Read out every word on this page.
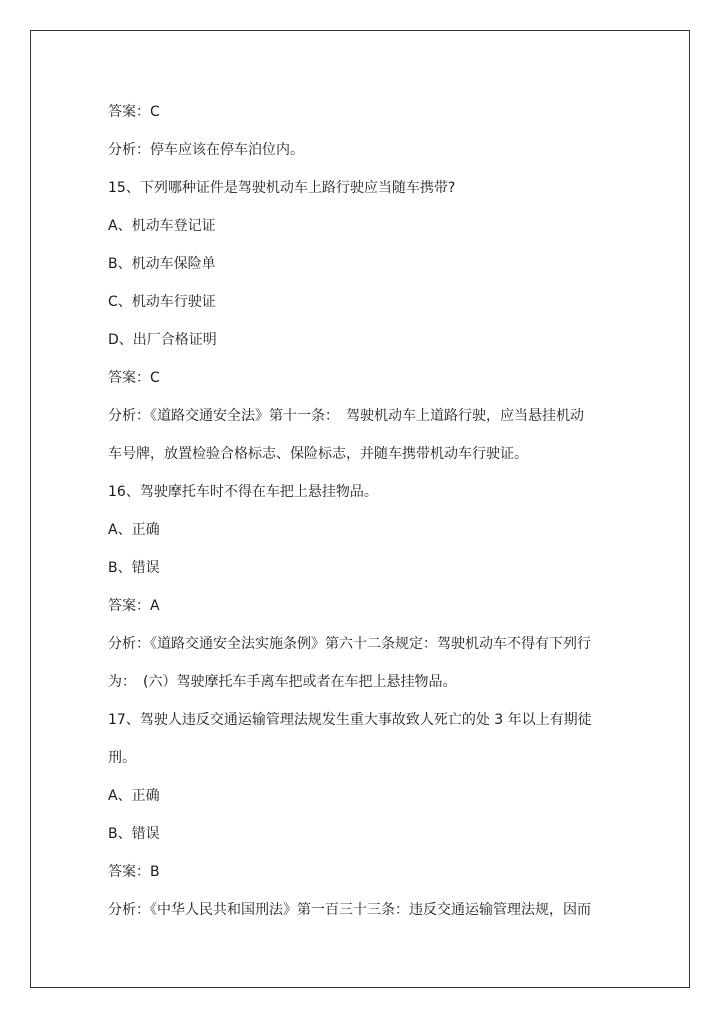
答案：C
分析：停车应该在停车泊位内。
15、下列哪种证件是驾驶机动车上路行驶应当随车携带?
A、机动车登记证
B、机动车保险单
C、机动车行驶证
D、出厂合格证明
答案：C
分析：《道路交通安全法》第十一条：　驾驶机动车上道路行驶，应当悬挂机动
车号牌，放置检验合格标志、保险标志，并随车携带机动车行驶证。
16、驾驶摩托车时不得在车把上悬挂物品。
A、正确
B、错误
答案：A
分析：《道路交通安全法实施条例》第六十二条规定：驾驶机动车不得有下列行
为：　(六）驾驶摩托车手离车把或者在车把上悬挂物品。
17、驾驶人违反交通运输管理法规发生重大事故致人死亡的处 3 年以上有期徒
刑。
A、正确
B、错误
答案：B
分析：《中华人民共和国刑法》第一百三十三条：违反交通运输管理法规，因而
